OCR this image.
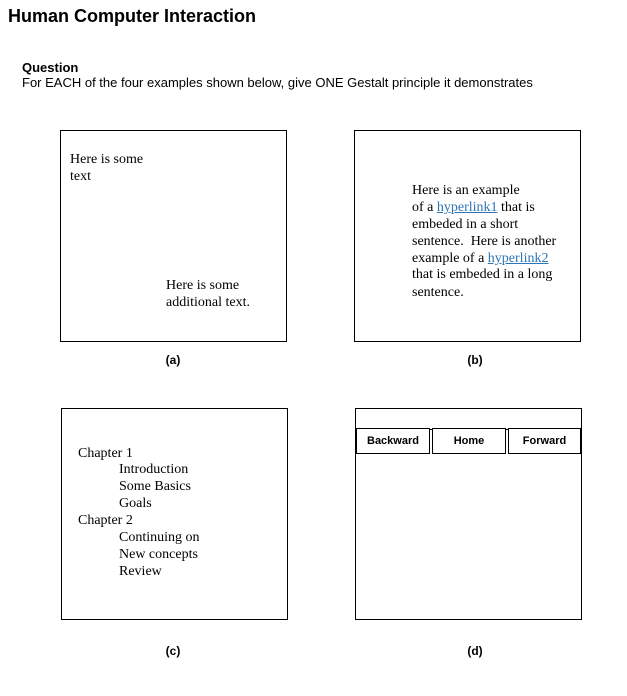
Human Computer Interaction
Question
For EACH of the four examples shown below, give ONE Gestalt principle it demonstrates
Here is some
text
Here is some
additional text.
(a)
Here is an example
of a hyperlink1 that is
embeded in a short
sentence.  Here is another
example of a hyperlink2
that is embeded in a long
sentence.
(b)
Chapter 1
Introduction
Some Basics
Goals
Chapter 2
Continuing on
New concepts
Review
(c)
Backward	Home	Forward
(d)
